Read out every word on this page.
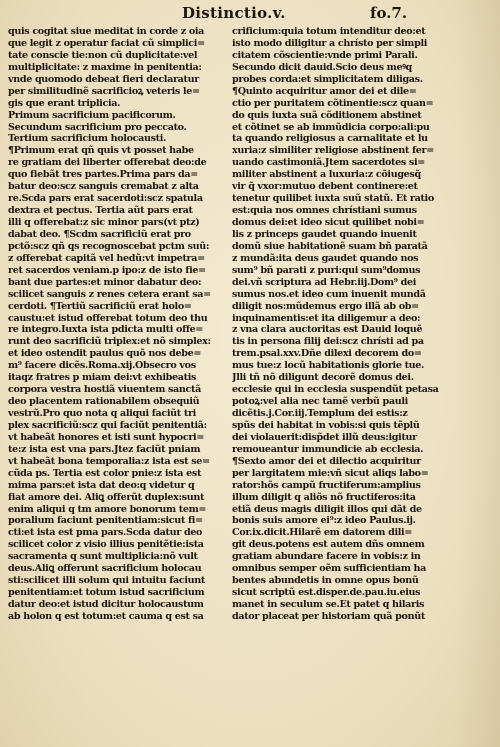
Distinctio.v.	fo.7.
quis cogitat siue meditat in corde z oia
que legit z operatur faciat cũ simplici=
tate conscie tie:non cũ duplicitate:vel
multiplicitate: z maxime in penitentia:
vnde quomodo debeat fieri declaratur
per similitudinẽ sacrificioꝝ veteris le=
gis que erant triplicia.
Primum sacrificium pacificorum.
Secundum sacrificium pro peccato.
Tertium sacrificium holocausti.
¶Primum erat qñ quis vt posset habe
re gratiam dei liberter offerebat deo:de
quo fiebãt tres partes.Prima pars da=
batur deo:scz sanguis cremabat z alta
re.Scda pars erat sacerdoti:scz spatula
dextra et pectus. Tertia aũt pars erat
illi q offerebat:z sic minor pars(vt ptz)
dabat deo. ¶Scdm sacrificiũ erat pro
pctõ:scz qñ qs recognoscebat pctm suũ:
z offerebat capitã vel hedũ:vt impetra=
ret sacerdos veniam.p ipo:z de isto fie=
bant due partes:et minor dabatur deo:
scilicet sanguis z renes cetera erant sa=
cerdoti. ¶Tertiũ sacrificiũ erat holo=
caustu:et istud offerebat totum deo thu
re integro.Iuxta ista pdicta multi offe=
runt deo sacrificiũ triplex:et nõ simplex:
et ideo ostendit paulus quõ nos debe=
m⁹ facere dicẽs.Roma.xij.Obsecro vos
itaqz fratres p miam dei:vt exhibeatis
corpora vestra hostiã viuentem sanctã
deo placentem rationabilem obsequiũ
vestrũ.Pro quo nota q aliqui faciũt tri
plex sacrificiũ:scz qui faciũt penitentiã:
vt habeãt honores et isti sunt hypocri=
te:z ista est vna pars.Jtez faciũt pniam
vt habeãt bona temporalia:z ista est se=
cũda ps. Tertia est color pnie:z ista est
mima pars:et ista dat deo:q videtur q
fiat amore dei. Aliꝗ offerũt duplex:sunt
enim aliqui q tm amore bonorum tem=
poralium faciunt penitentiam:sicut fi=
cti:et ista est pma pars.Scda datur deo
scilicet color z visio illius penitẽtie:ista
sacramenta q sunt multiplicia:nõ vult
deus.Aliꝗ offerunt sacrificium holocau
sti:scilicet illi solum qui intuitu faciunt
penitentiam:et totum istud sacrificium
datur deo:et istud dicitur holocaustum
ab holon q est totum:et cauma q est sa
crificium:quia totum intenditur deo:et
isto modo diligitur a chrísto per simpli
citatem cõscientie:vnde primi Parali.
Secundo dicit dauid.Scio deus meꝰq
probes corda:et simplicitatem diligas.
¶Quinto acquiritur amor dei et dile=
ctio per puritatem cõtinentie:scz quan=
do quis iuxta suã cõditionem abstinet
et cõtinet se ab immũdicia corpo:ali:pu
ta quando religiosus a carnalitate et lu
xuria:z similiter religiose abstinent fer=
uando castimoniã.Jtem sacerdotes si=
militer abstinent a luxuria:z cõiugesq̃
vir q̃ vxor:mutuo debent continere:et
tenetur quilibet iuxta suũ statũ. Et ratio
est:quia nos omnes chrístiani sumus
domus dei:et ideo sicut quilibet nobi=
lis z princeps gaudet quando inuenit
domũ siue habitationẽ suam bñ paratã
z mundã:ita deus gaudet quando nos
sum⁹ bñ parati z puri:qui sum⁹domus
dei.vñ scriptura ad Hebr.iij.Dom⁹ dei
sumus nos.et ideo cum inuenit mundã
diligit nos:mũdemus ergo illã ab ob=
inquinamentis:et ita diligemur a deo:
z vna clara auctoritas est Dauid loquẽ
tis in persona filij dei:scz chrísti ad pa
trem.psal.xxv.Dñe dilexi decorem do=
mus tue:z locũ habitationis glorie tue.
Jlli tñ nõ diligunt decorẽ domus dei.
ecclesie qui in ecclesia suspendũt petasa
potoꝝ:vel alia nec tamẽ verbũ pauli
dicẽtis.j.Cor.iij.Templum dei estis:z
spũs dei habitat in vobis:si quis tẽplũ
dei violauerit:disp̃det illũ deus:igitur
remoueantur immundicie ab ecclesia.
¶Sexto amor dei et dilectio acquiritur
per largitatem mie:vñ sicut aliqs labo=
rator:hõs campũ fructiferum:amplius
illum diligit q aliõs nõ fructiferos:ita
etiã deus magis diligit illos qui dãt de
bonis suis amore ei⁹:z ideo Paulus.ij.
Cor.ix.dicit.Hilarẽ em datorem dili=
git deus.potens est autem dñs omnem
gratiam abundare facere in vobis:z in
omnibus semper oẽm sufficientiam ha
bentes abundetis in omne opus bonũ
sicut scriptũ est.disper.de.pau.iu.eius
manet in seculum se.Et patet q hilaris
dator placeat per historiam quã ponũt
